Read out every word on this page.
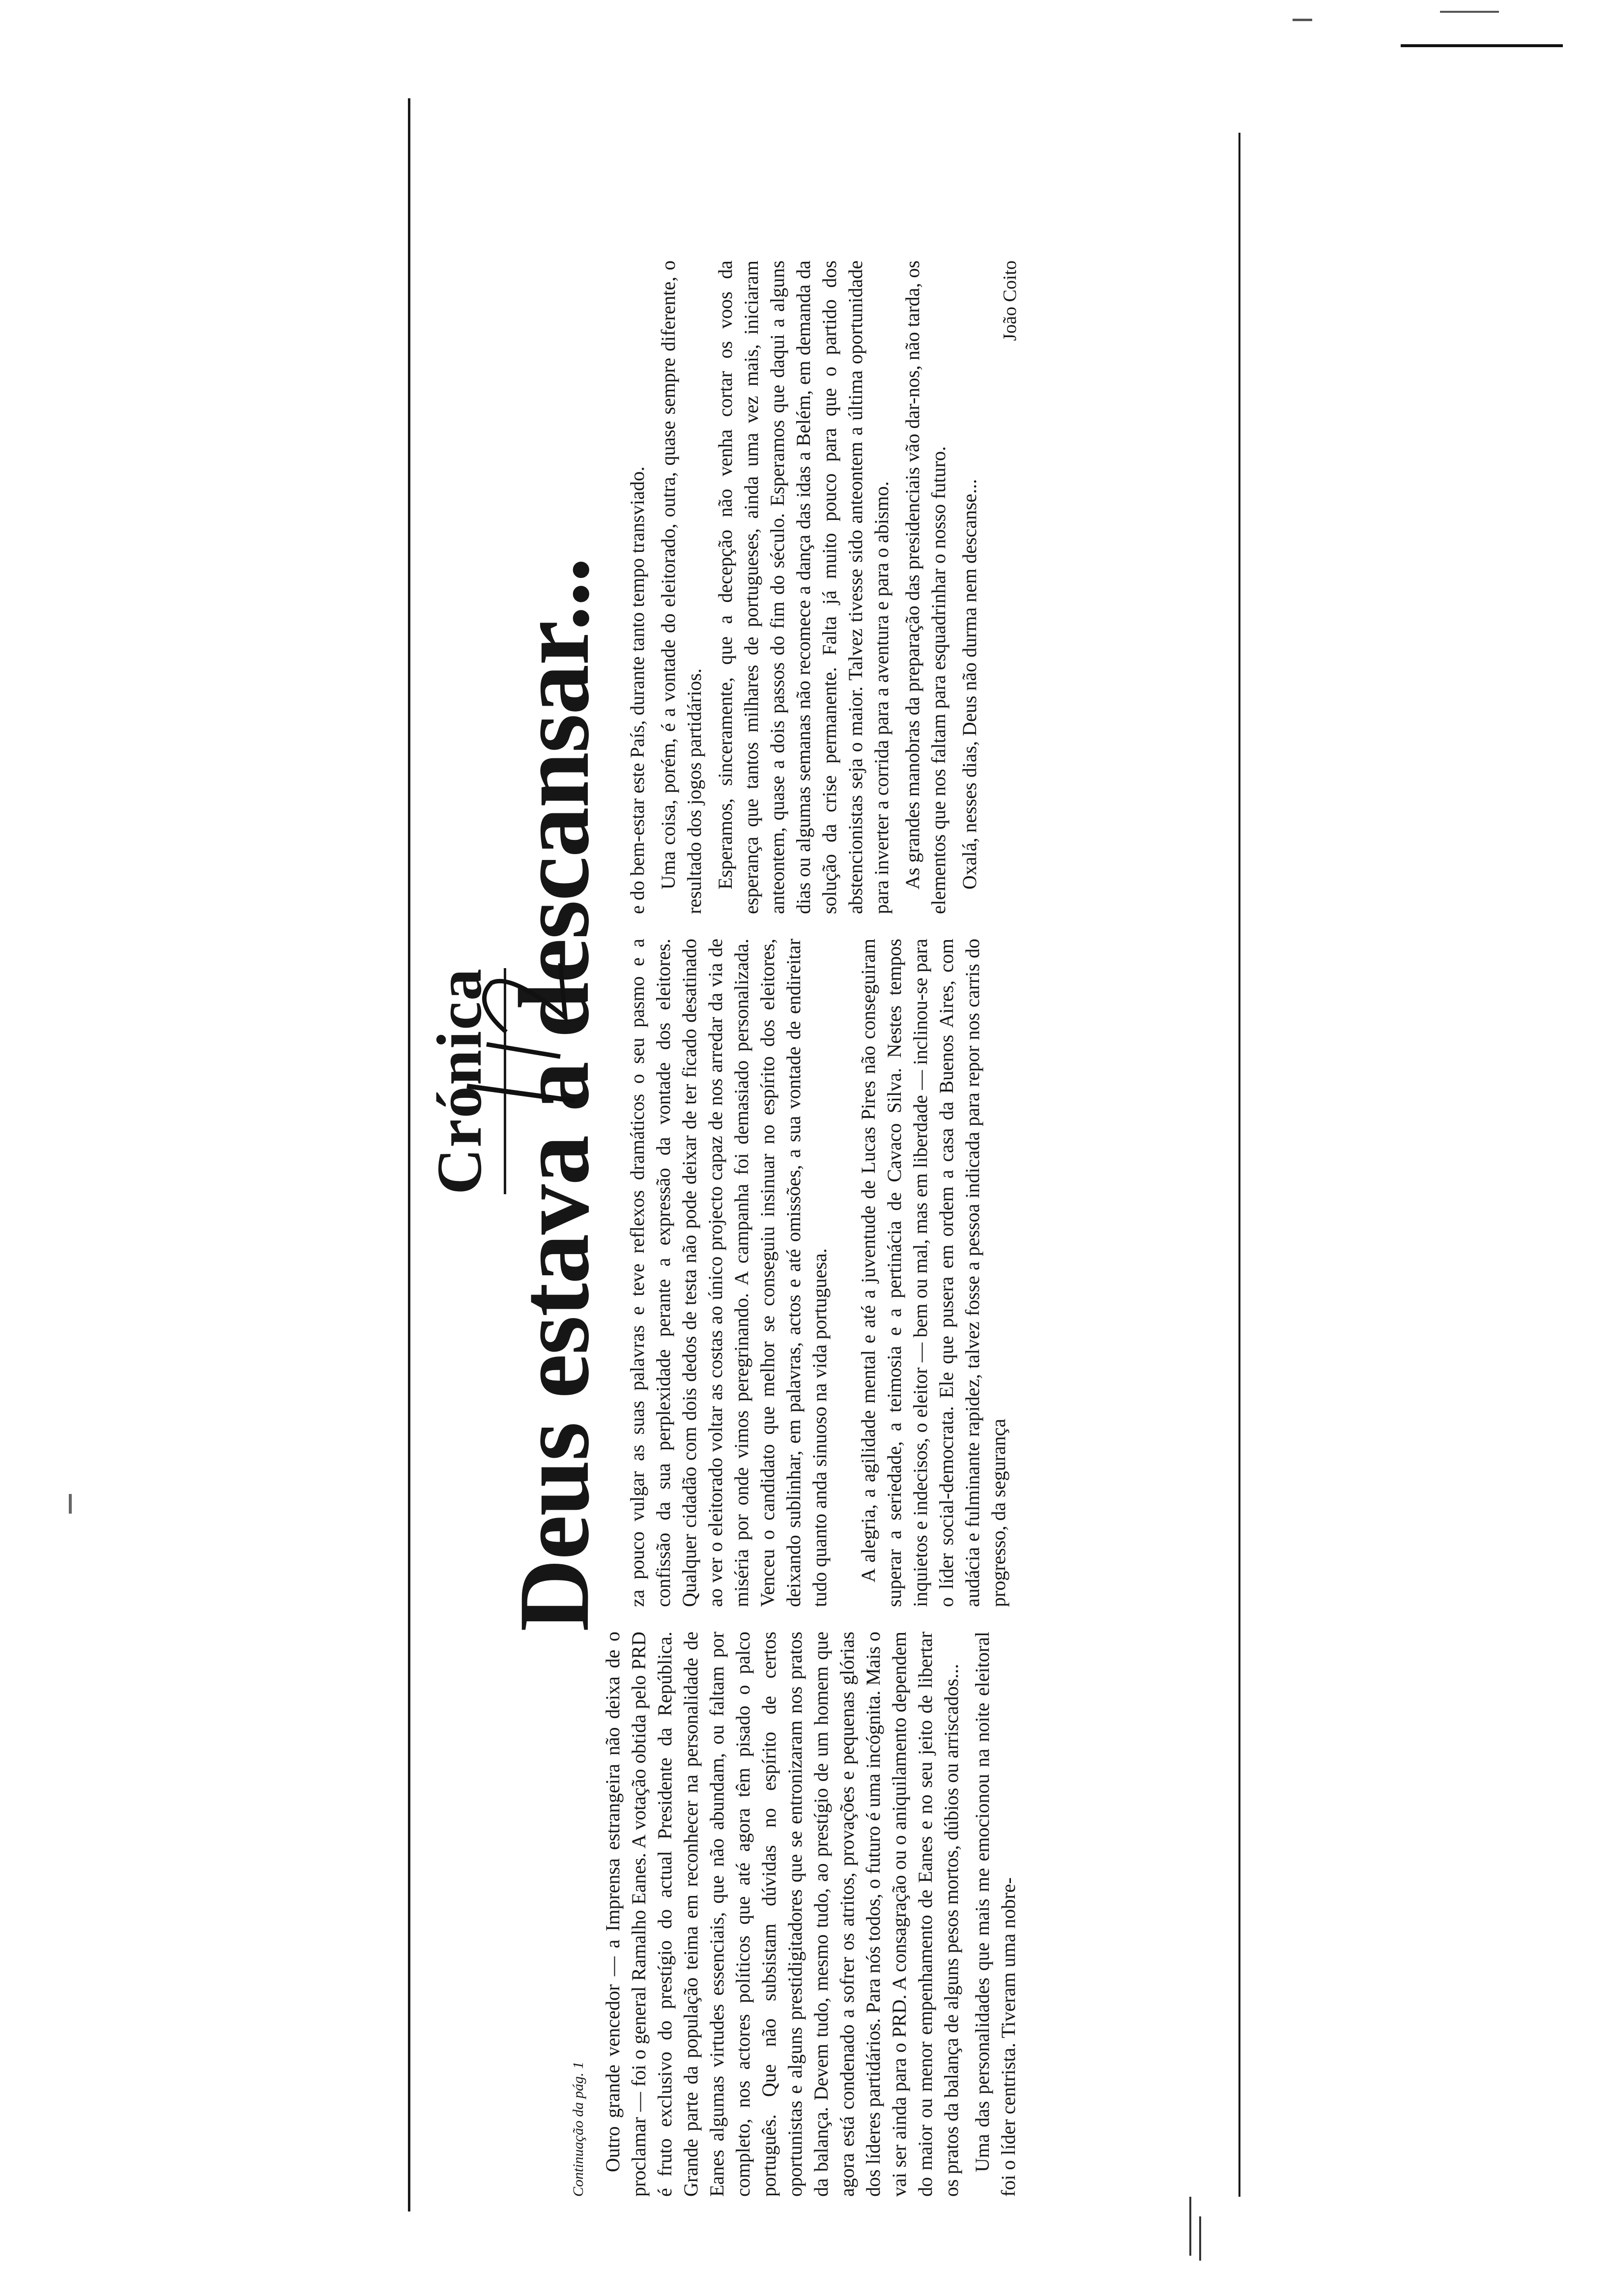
Continuação da pág. 1
Crónica Deus estava a descansar...

Outro grande vencedor — a Imprensa estrangeira não deixa de o proclamar — foi o general Ramalho Eanes. A votação obtida pelo PRD é fruto exclusivo do prestígio do actual Presidente da República. Grande parte da população teima em reconhecer na personalidade de Eanes algumas virtudes essenciais, que não abundam, ou faltam por completo, nos actores políticos que até agora têm pisado o palco português. Que não subsistam dúvidas no espírito de certos oportunistas e alguns prestidigitadores que se entronizaram nos pratos da balança. Devem tudo, mesmo tudo, ao prestígio de um homem que agora está condenado a sofrer os atritos, provações e pequenas glórias dos líderes partidários. Para nós todos, o futuro é uma incógnita. Mais o vai ser ainda para o PRD. A consagração ou o aniquilamento dependem do maior ou menor empenhamento de Eanes e no seu jeito de libertar os pratos da balança de alguns pesos mortos, dúbios ou arriscados... Uma das personalidades que mais me emocionou na noite eleitoral foi o líder centrista. Tiveram uma nobre-

za pouco vulgar as suas palavras e teve reflexos dramáticos o seu pasmo e a confissão da sua perplexidade perante a expressão da vontade dos eleitores. Qualquer cidadão com dois dedos de testa não pode deixar de ter ficado desatinado ao ver o eleitorado voltar as costas ao único projecto capaz de nos arredar da via de miséria por onde vimos peregrinando. A campanha foi demasiado personalizada. Venceu o candidato que melhor se conseguiu insinuar no espírito dos eleitores, deixando sublinhar, em palavras, actos e até omissões, a sua vontade de endireitar tudo quanto anda sinuoso na vida portuguesa. A alegria, a agilidade mental e até a juventude de Lucas Pires não conseguiram superar a seriedade, a teimosia e a pertinácia de Cavaco Silva. Nestes tempos inquietos e indecisos, o eleitor — bem ou mal, mas em liberdade — inclinou-se para o líder social-democrata. Ele que pusera em ordem a casa da Buenos Aires, com audácia e fulminante rapidez, talvez fosse a pessoa indicada para repor nos carris do progresso, da segurança

e do bem-estar este País, durante tanto tempo transviado. Uma coisa, porém, é a vontade do eleitorado, outra, quase sempre diferente, o resultado dos jogos partidários. Esperamos, sinceramente, que a decepção não venha cortar os voos da esperança que tantos milhares de portugueses, ainda uma vez mais, iniciaram anteontem, quase a dois passos do fim do século. Esperamos que daqui a alguns dias ou algumas semanas não recomece a dança das idas a Belém, em demanda da solução da crise permanente. Falta já muito pouco para que o partido dos abstencionistas seja o maior. Talvez tivesse sido anteontem a última oportunidade para inverter a corrida para a aventura e para o abismo. As grandes manobras da preparação das presidenciais vão dar-nos, não tarda, os elementos que nos faltam para esquadrinhar o nosso futuro. Oxalá, nesses dias, Deus não durma nem descanse...

João Coito
